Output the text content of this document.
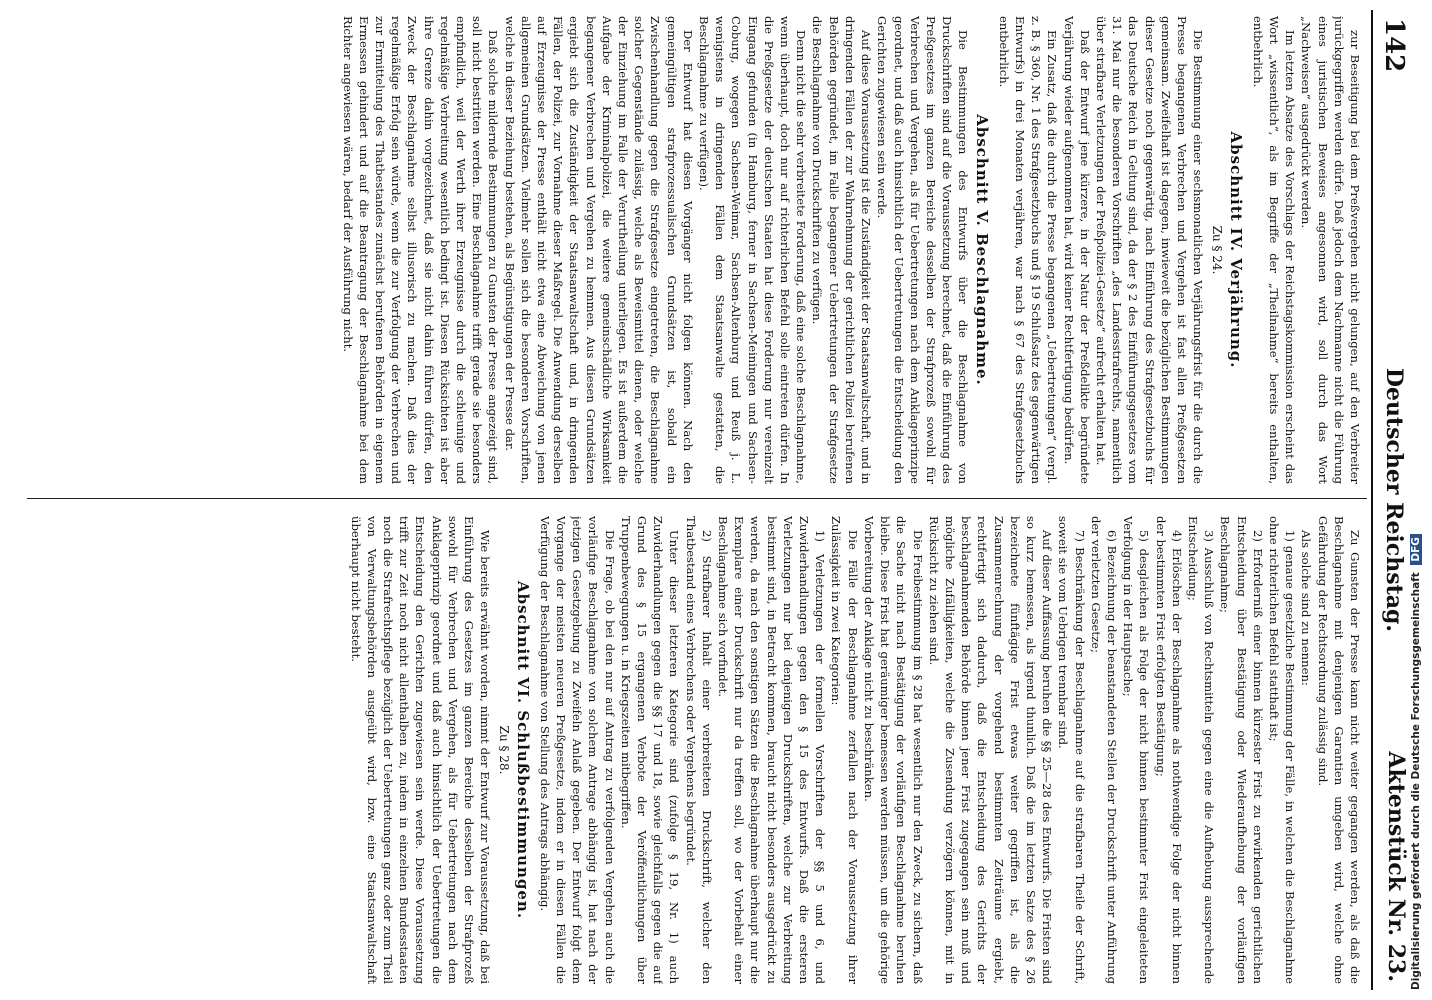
142
Deutscher Reichstag.
Aktenstück Nr. 23.

zur Beseitigung bei dem Preßvergehen nicht gelungen, auf den Verbreiter jurückgegriffen werden dürfe. Daß jedoch dem Nachmanne nicht die Führung eines juristischen Beweises angesonnen wird, soll durch das Wort „Nachweisen“ ausgedrückt werden.

Im letzten Absatze des Vorschlags der Reichstagskommission erscheint das Wort „wissentlich“, als im Begriffe der „Theilnahme“ bereits enthalten, entbehrlich.

Abschnitt IV. Verjährung.
Zu § 24.

Die Bestimmung einer sechsmonatlichen Verjährungsfrist für die durch die Presse begangenen Verbrechen und Vergehen ist fast allen Preßgesetzen gemeinsam. Zweifelhaft ist dagegen, inwieweit die bezüglichen Bestimmungen dieser Gesetze noch gegenwärtig, nach Einführung des Strafgesetzbuchs für das Deutsche Reich in Geltung sind, da der § 2 des Einführungsgesetzes vom 31. Mai nur die besonderen Vorschriften „des Landesstrafrechts, namentlich über strafbare Verletzungen der Preßpolizei-Gesetze“ aufrecht erhalten hat.

Daß der Entwurf jene kürzere, in der Natur der Preßdelikte begründete Verjährung wieder aufgenommen hat, wird keiner Rechtfertigung bedürfen.

Ein Zusatz, daß die durch die Presse begangenen „Uebertretungen“ (vergl. z. B. § 360, Nr. 1 des Strafgesetzbuchs und § 19 Schlußsatz des gegenwärtigen Entwurfs) in drei Monaten verjähren, war nach § 67 des Strafgesetzbuchs entbehrlich.

Abschnitt V. Beschlagnahme.

Die Bestimmungen des Entwurfs über die Beschlagnahme von Druckschriften sind auf die Voraussetzung berechnet, daß die Einführung des Preßgesetzes im ganzen Bereiche desselben der Strafprozeß sowohl für Verbrechen und Vergehen, als für Uebertretungen nach dem Anklageprinzipe geordnet, und daß auch hinsichtlich der Uebertretungen die Entscheidung den Gerichten zugewiesen sein werde.

Auf diese Voraussetzung ist die Zuständigkeit der Staatsanwaltschaft, und in dringenden Fällen der zur Wahrnehmung der gerichtlichen Polizei berufenen Behörden gegründet, im Falle begangener Uebertretungen der Strafgesetze die Beschlagnahme von Druckschriften zu verfügen.

Denn nicht die sehr verbreitete Forderung, daß eine solche Beschlagnahme, wenn überhaupt, doch nur auf richterlichen Befehl solle eintreten dürfen. In die Preßgesetze der deutschen Staaten hat diese Forderung nur vereinzelt Eingang gefunden (in Hamburg, ferner in Sachsen-Meiningen und Sachsen-Coburg, wogegen Sachsen-Weimar, Sachsen-Altenburg und Reuß j. L. wenigstens in dringenden Fällen dem Staatsanwalte gestatten, die Beschlagnahme zu verfügen).

Der Entwurf hat diesen Vorgänger nicht folgen können. Nach den gemeingültigen strafprozessualischen Grundsätzen ist, sobald ein Zwischenhandlung gegen die Strafgesetze eingetreten, die Beschlagnahme solcher Gegenstände zulässig, welche als Beweismittel dienen, oder welche der Einziehung im Falle der Verurtheilung unterliegen. Es ist außerdem die Aufgabe der Kriminalpolizei, die weitere gemeinschädliche Wirksamkeit begangener Verbrechen und Vergehen zu hemmen. Aus diesen Grundsätzen ergiebt sich die Zuständigkeit der Staatsanwaltschaft und, in dringenden Fällen, der Polizei, zur Vornahme dieser Maßregel. Die Anwendung derselben auf Erzeugnisse der Presse enthält nicht etwa eine Abweichung von jenen allgemeinen Grundsätzen. Vielmehr sollen sich die besonderen Vorschriften, welche in dieser Beziehung bestehen, als Begünstigungen der Presse dar.

Daß solche mildernde Bestimmungen zu Gunsten der Presse angezeigt sind, soll nicht bestritten werden. Eine Beschlagnahme trifft gerade sie besonders empfindlich, weil der Werth ihrer Erzeugnisse durch die schleunige und regelmäßige Verbreitung wesentlich bedingt ist. Diesen Rücksichten ist aber ihre Grenze dahin vorgezeichnet, daß sie nicht dahin führen dürfen, den Zweck der Beschlagnahme selbst illusorisch zu machen. Daß dies der regelmäßige Erfolg sein würde, wenn die zur Verfolgung der Verbrechen und zur Ermittelung des Thatbestandes zunächst berufenen Behörden in eigenem Ermessen gehindert und auf die Beantragung der Beschlagnahme bei dem Richter angewiesen wären, bedarf der Ausführung nicht.

Zu Gunsten der Presse kann nicht weiter gegangen werden, als daß die Beschlagnahme mit denjenigen Garantien umgeben wird, welche ohne Gefährdung der Rechtsordnung zulässig sind.

Als solche sind zu nennen:

1) genaue gesetzliche Bestimmung der Fälle, in welchen die Beschlagnahme ohne richterlichen Befehl statthaft ist;

2) Erforderniß einer binnen kürzester Frist zu erwirkenden gerichtlichen Entscheidung über Bestätigung oder Wiederaufhebung der vorläufigen Beschlagnahme;

3) Ausschluß von Rechtsmitteln gegen eine die Aufhebung aussprechende Entscheidung;

4) Erlöschen der Beschlagnahme als nothwendige Folge der nicht binnen der bestimmten Frist erfolgten Bestätigung;

5) desgleichen als Folge der nicht binnen bestimmter Frist eingeleiteten Verfolgung in der Hauptsache;

6) Bezeichnung der beanstandeten Stellen der Druckschrift unter Anführung der verletzten Gesetze;

7) Beschränkung der Beschlagnahme auf die strafbaren Theile der Schrift, soweit sie vom Uebrigen trennbar sind.

Auf dieser Auffassung beruhen die §§ 25—28 des Entwurfs. Die Fristen sind so kurz bemessen, als irgend thunlich. Daß die im letzten Satze des § 26 bezeichnete fünftägige Frist etwas weiter gegriffen ist, als die Zusammenrechnung der vorgehend bestimmten Zeiträume ergiebt, rechtfertigt sich dadurch, daß die Entscheidung des Gerichts der beschlagnahmenden Behörde binnen jener Frist zugegangen sein muß und mögliche Zufälligkeiten, welche die Zusendung verzögern können, mit in Rücksicht zu ziehen sind.

Die Freibestimmung im § 28 hat wesentlich nur den Zweck, zu sichern, daß die Sache nicht nach Bestätigung der vorläufigen Beschlagnahme beruhen bleibe. Diese Frist hat geräumiger bemessen werden müssen, um die gehörige Vorbereitung der Anklage nicht zu beschränken.

Die Fälle der Beschlagnahme zerfallen nach der Voraussetzung ihrer Zulässigkeit in zwei Kategorien:

1) Verletzungen der formellen Vorschriften der §§ 5 und 6, und Zuwiderhandlungen gegen den § 15 des Entwurfs. Daß die ersteren Verletzungen nur bei denjenigen Druckschriften, welche zur Verbreitung bestimmt sind, in Betracht kommen, braucht nicht besonders ausgedrückt zu werden, da nach den sonstigen Sätzen die Beschlagnahme überhaupt nur die Exemplare einer Druckschrift nur da treffen soll, wo der Vorbehalt einer Beschlagnahme sich vorfindet.

2) Strafbarer Inhalt einer verbreiteten Druckschrift, welcher den Thatbestand eines Verbrechens oder Vergehens begründet.

Unter dieser letzteren Kategorie sind (zufolge § 19, Nr. 1) auch Zuwiderhandlungen gegen die §§ 17 und 18, sowie gleichfalls gegen die auf Grund des § 15 ergangenen Verbote der Veröffentlichungen über Truppenbewegungen u. in Kriegszeiten mitbegriffen.

Die Frage, ob bei den nur auf Antrag zu verfolgenden Vergehen auch die vorläufige Beschlagnahme von solchem Antrage abhängig ist, hat nach der jetzigen Gesetzgebung zu Zweifeln Anlaß gegeben. Der Entwurf folgt dem Vorgange der meisten neueren Preßgesetze, indem er in diesen Fällen die Verfügung der Beschlagnahme von Stellung des Antrags abhängig.

Abschnitt VI. Schlußbestimmungen.
Zu § 28.

Wie bereits erwähnt worden, nimmt der Entwurf zur Voraussetzung, daß bei Einführung des Gesetzes im ganzen Bereiche desselben der Strafprozeß sowohl für Verbrechen und Vergehen, als für Uebertretungen nach dem Anklageprinzip geordnet und daß auch hinsichtlich der Uebertretungen die Entscheidung den Gerichten zugewiesen sein werde. Diese Voraussetzung trifft zur Zeit noch nicht allenthalben zu, indem in einzelnen Bundesstaaten noch die Strafrechtspflege bezüglich der Uebertretungen ganz oder zum Theil von Verwaltungsbehörden ausgeübt wird, bzw. eine Staatsanwaltschaft überhaupt nicht besteht.	Digitalisierung gefördert durch die Deutsche Forschungsgemeinschaft DFG
